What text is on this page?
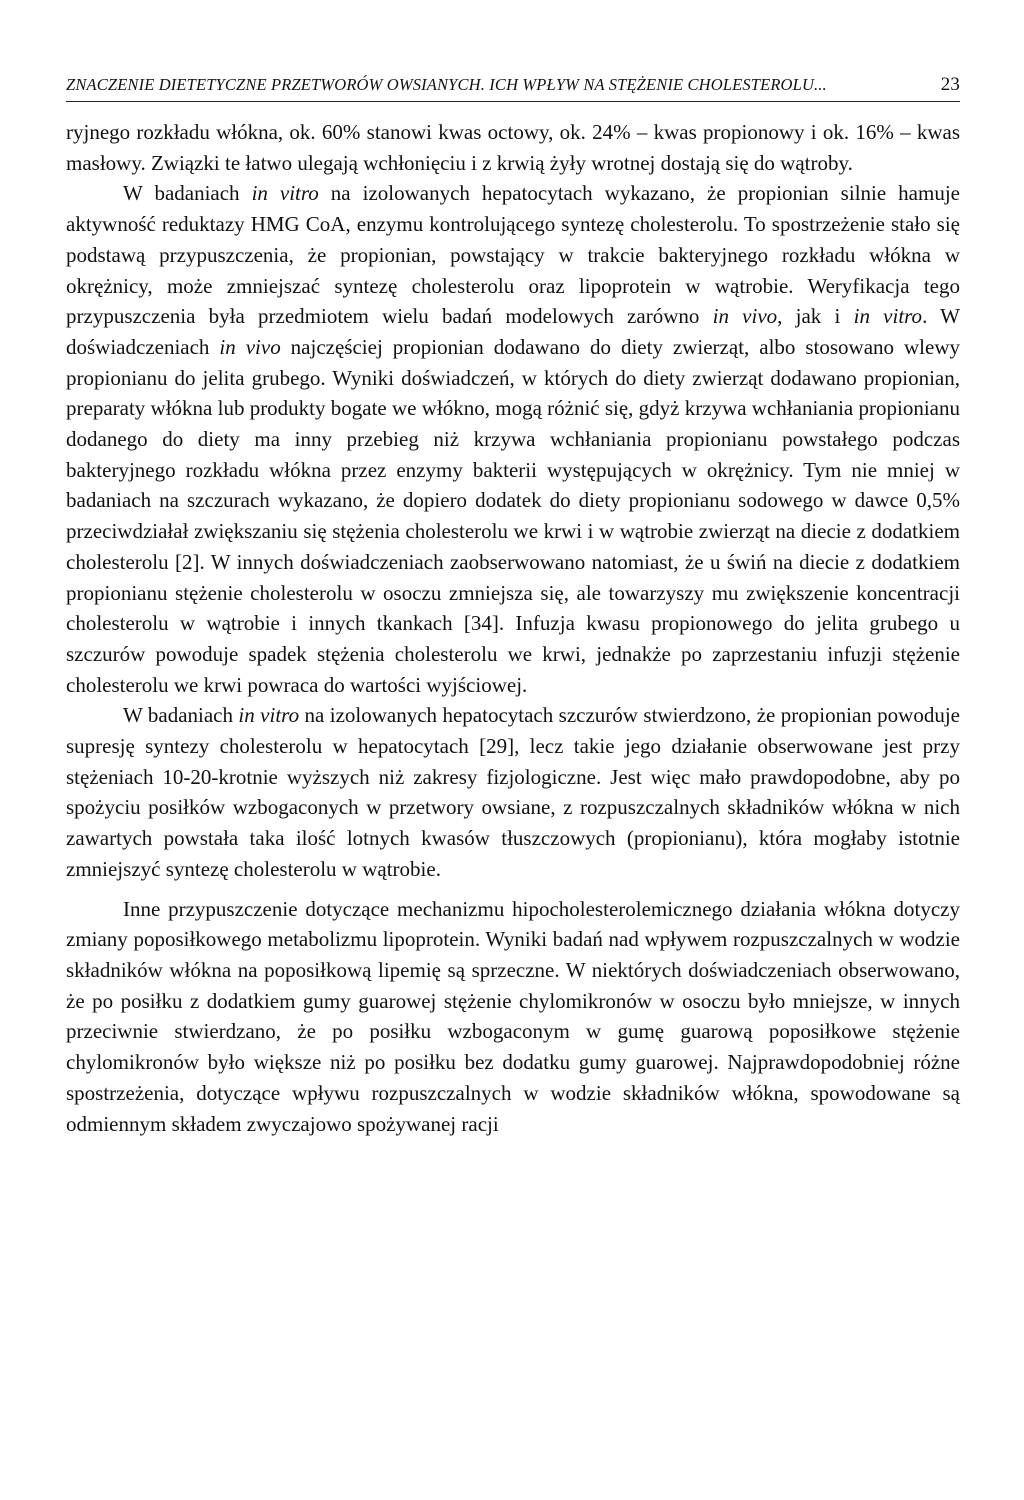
ZNACZENIE DIETETYCZNE PRZETWORÓW OWSIANYCH. ICH WPŁYW NA STĘŻENIE CHOLESTEROLU...	23

ryjnego rozkładu włókna, ok. 60% stanowi kwas octowy, ok. 24% – kwas propionowy i ok. 16% – kwas masłowy. Związki te łatwo ulegają wchłonięciu i z krwią żyły wrotnej dostają się do wątroby.

W badaniach in vitro na izolowanych hepatocytach wykazano, że propionian silnie hamuje aktywność reduktazy HMG CoA, enzymu kontrolującego syntezę cholesterolu. To spostrzeżenie stało się podstawą przypuszczenia, że propionian, powstający w trakcie bakteryjnego rozkładu włókna w okrężnicy, może zmniejszać syntezę cholesterolu oraz lipoprotein w wątrobie. Weryfikacja tego przypuszczenia była przedmiotem wielu badań modelowych zarówno in vivo, jak i in vitro. W doświadczeniach in vivo najczęściej propionian dodawano do diety zwierząt, albo stosowano wlewy propionianu do jelita grubego. Wyniki doświadczeń, w których do diety zwierząt dodawano propionian, preparaty włókna lub produkty bogate we włókno, mogą różnić się, gdyż krzywa wchłaniania propionianu dodanego do diety ma inny przebieg niż krzywa wchłaniania propionianu powstałego podczas bakteryjnego rozkładu włókna przez enzymy bakterii występujących w okrężnicy. Tym nie mniej w badaniach na szczurach wykazano, że dopiero dodatek do diety propionianu sodowego w dawce 0,5% przeciwdziałał zwiększaniu się stężenia cholesterolu we krwi i w wątrobie zwierząt na diecie z dodatkiem cholesterolu [2]. W innych doświadczeniach zaobserwowano natomiast, że u świń na diecie z dodatkiem propionianu stężenie cholesterolu w osoczu zmniejsza się, ale towarzyszy mu zwiększenie koncentracji cholesterolu w wątrobie i innych tkankach [34]. Infuzja kwasu propionowego do jelita grubego u szczurów powoduje spadek stężenia cholesterolu we krwi, jednakże po zaprzestaniu infuzji stężenie cholesterolu we krwi powraca do wartości wyjściowej.

W badaniach in vitro na izolowanych hepatocytach szczurów stwierdzono, że propionian powoduje supresję syntezy cholesterolu w hepatocytach [29], lecz takie jego działanie obserwowane jest przy stężeniach 10-20-krotnie wyższych niż zakresy fizjologiczne. Jest więc mało prawdopodobne, aby po spożyciu posiłków wzbogaconych w przetwory owsiane, z rozpuszczalnych składników włókna w nich zawartych powstała taka ilość lotnych kwasów tłuszczowych (propionianu), która mogłaby istotnie zmniejszyć syntezę cholesterolu w wątrobie.

Inne przypuszczenie dotyczące mechanizmu hipocholesterolemicznego działania włókna dotyczy zmiany poposiłkowego metabolizmu lipoprotein. Wyniki badań nad wpływem rozpuszczalnych w wodzie składników włókna na poposiłkową lipemię są sprzeczne. W niektórych doświadczeniach obserwowano, że po posiłku z dodatkiem gumy guarowej stężenie chylomikronów w osoczu było mniejsze, w innych przeciwnie stwierdzano, że po posiłku wzbogaconym w gumę guarową poposiłkowe stężenie chylomikronów było większe niż po posiłku bez dodatku gumy guarowej. Najprawdopodobniej różne spostrzeżenia, dotyczące wpływu rozpuszczalnych w wodzie składników włókna, spowodowane są odmiennym składem zwyczajowo spożywanej racji
